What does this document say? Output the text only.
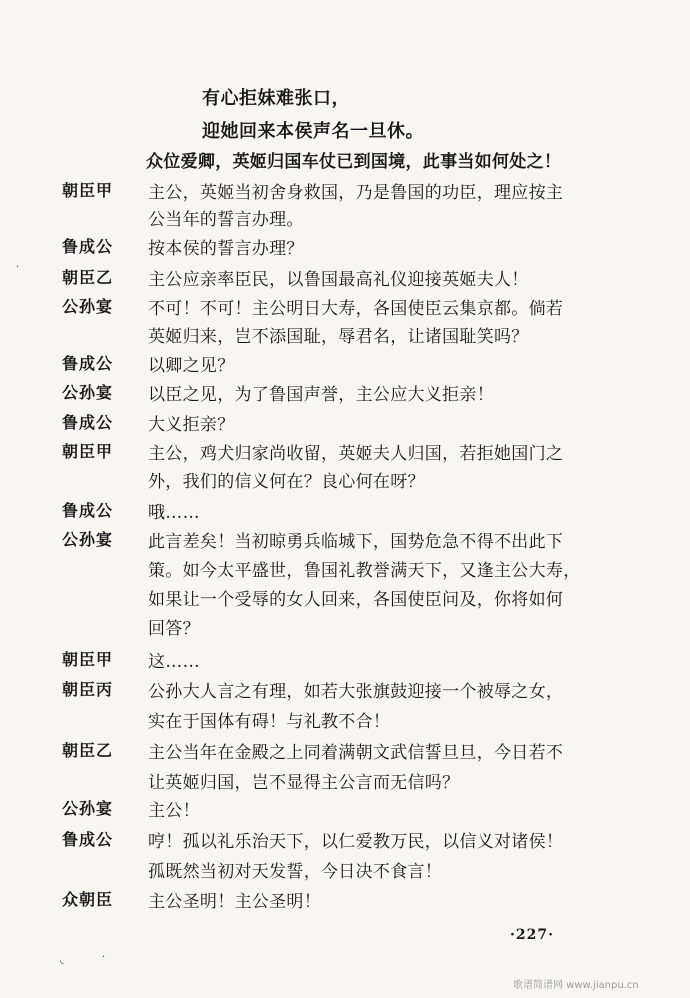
有心拒妹难张口，
迎她回来本侯声名一旦休。
众位爱卿，英姬归国车仗已到国境，此事当如何处之！
朝臣甲	主公，英姬当初舍身救国，乃是鲁国的功臣，理应按主
公当年的誓言办理。
鲁成公	按本侯的誓言办理？
朝臣乙	主公应亲率臣民，以鲁国最高礼仪迎接英姬夫人！
公孙宴	不可！不可！主公明日大寿，各国使臣云集京都。倘若
英姬归来，岂不添国耻，辱君名，让诸国耻笑吗？
鲁成公	以卿之见？
公孙宴	以臣之见，为了鲁国声誉，主公应大义拒亲！
鲁成公	大义拒亲？
朝臣甲	主公，鸡犬归家尚收留，英姬夫人归国，若拒她国门之
外，我们的信义何在？良心何在呀？
鲁成公	哦……
公孙宴	此言差矣！当初晾勇兵临城下，国势危急不得不出此下
策。如今太平盛世，鲁国礼教誉满天下，又逢主公大寿，
如果让一个受辱的女人回来，各国使臣问及，你将如何
回答？
朝臣甲	这……
朝臣丙	公孙大人言之有理，如若大张旗鼓迎接一个被辱之女，
实在于国体有碍！与礼教不合！
朝臣乙	主公当年在金殿之上同着满朝文武信誓旦旦，今日若不
让英姬归国，岂不显得主公言而无信吗？
公孙宴	主公！
鲁成公	哼！孤以礼乐治天下，以仁爱教万民，以信义对诸侯！
孤既然当初对天发誓，今日决不食言！
众朝臣	主公圣明！主公圣明！
·227·
◟	·
·
歌谱简谱网 www.jianpu.cn
